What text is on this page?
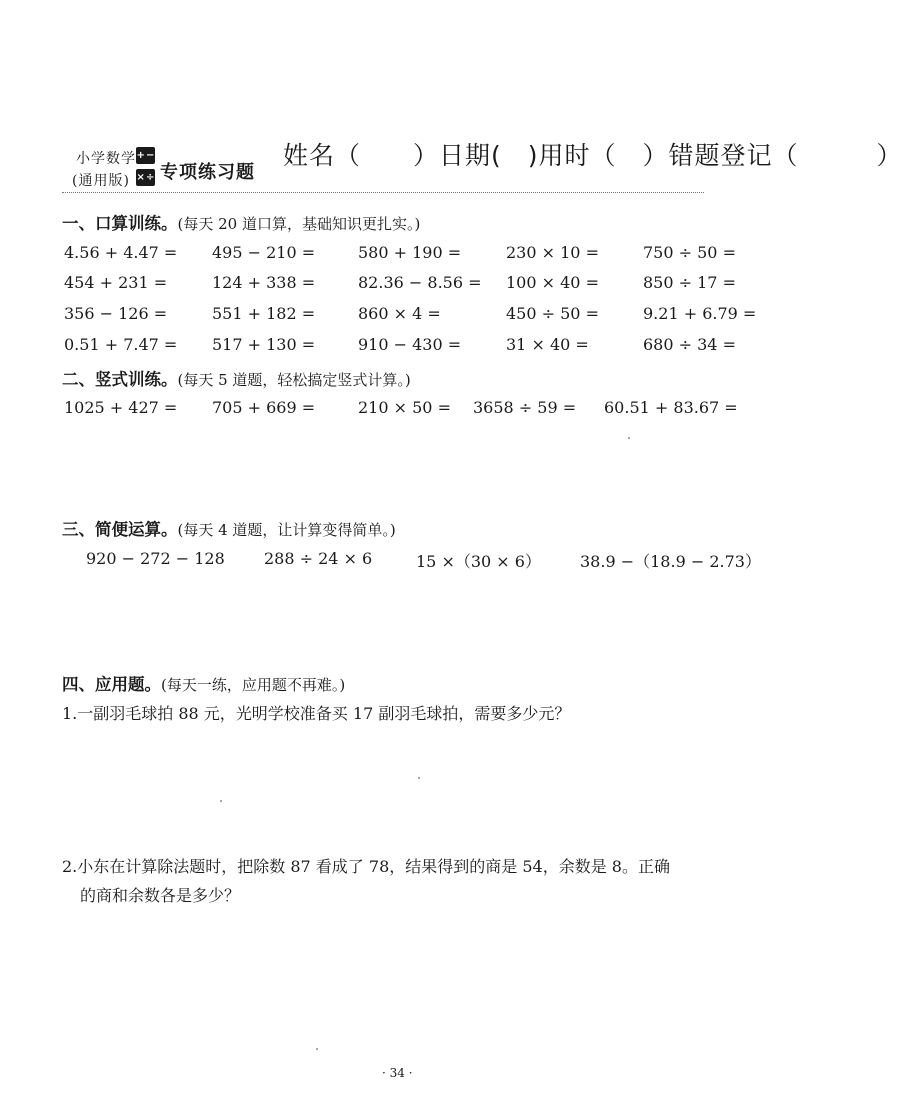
小学数学
(通用版)
+ −
× ÷ 专项练习题
姓名（　　）日期(　)用时（　）错题登记（　　　）
一、口算训练。(每天 20 道口算，基础知识更扎实。)
4.56 + 4.47 = 495 − 210 =	580 + 190 =	230 × 10 =	750 ÷ 50 =
454 + 231 =	124 + 338 =	82.36 − 8.56 = 100 × 40 =	850 ÷ 17 =
356 − 126 =	551 + 182 =	860 × 4 =	450 ÷ 50 =	9.21 + 6.79 =
0.51 + 7.47 = 517 + 130 =	910 − 430 =	31 × 40 =	680 ÷ 34 =
二、竖式训练。(每天 5 道题，轻松搞定竖式计算。)
1025 + 427 = 705 + 669 =	210 × 50 = 3658 ÷ 59 = 60.51 + 83.67 =
三、简便运算。(每天 4 道题，让计算变得简单。)
920 − 272 − 128 288 ÷ 24 × 6	15 ×（30 × 6） 38.9 −（18.9 − 2.73）
四、应用题。(每天一练，应用题不再难。)
1.一副羽毛球拍 88 元，光明学校准备买 17 副羽毛球拍，需要多少元？
2.小东在计算除法题时，把除数 87 看成了 78，结果得到的商是 54，余数是 8。正确
的商和余数各是多少？
· 34 ·
